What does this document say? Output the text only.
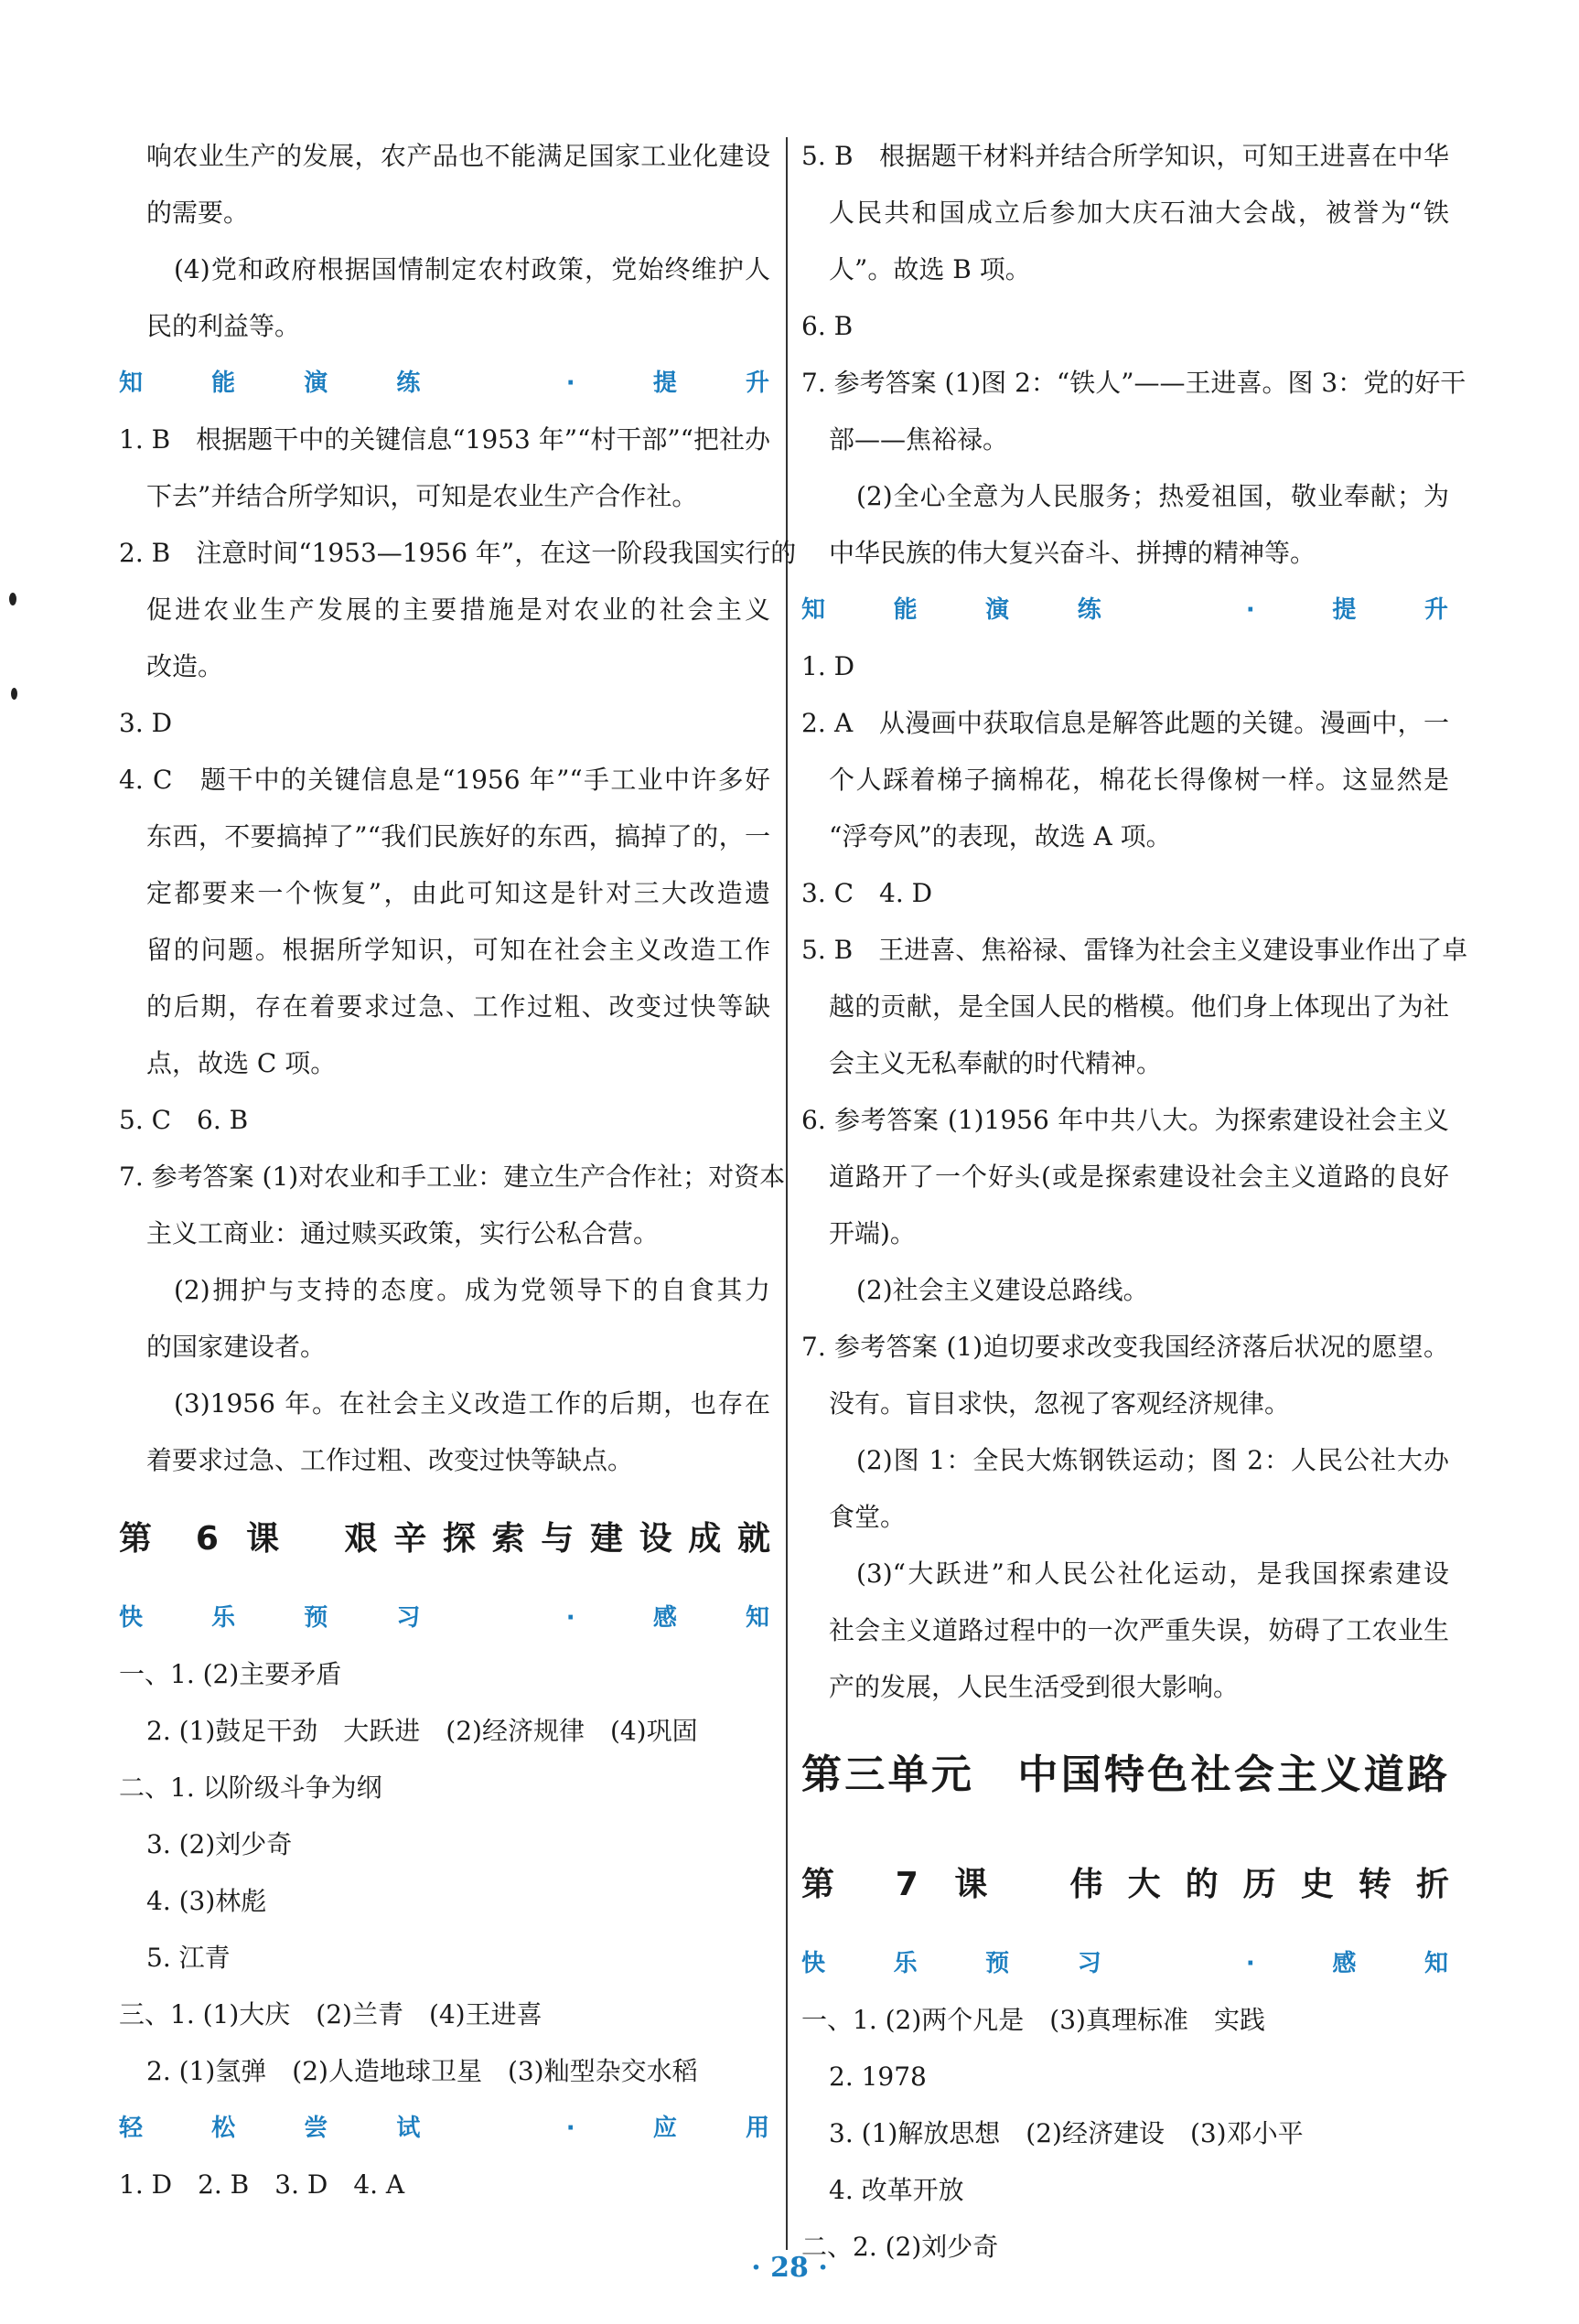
响农业生产的发展，农产品也不能满足国家工业化建设
的需要。
(4)党和政府根据国情制定农村政策，党始终维护人
民的利益等。
知能演练 · 提升
1. B　根据题干中的关键信息“1953 年”“村干部”“把社办
下去”并结合所学知识，可知是农业生产合作社。
2. B　注意时间“1953—1956 年”，在这一阶段我国实行的
促进农业生产发展的主要措施是对农业的社会主义
改造。
3. D
4. C　题干中的关键信息是“1956 年”“手工业中许多好
东西，不要搞掉了”“我们民族好的东西，搞掉了的，一
定都要来一个恢复”，由此可知这是针对三大改造遗
留的问题。根据所学知识，可知在社会主义改造工作
的后期，存在着要求过急、工作过粗、改变过快等缺
点，故选 C 项。
5. C　6. B
7. 参考答案 (1)对农业和手工业：建立生产合作社；对资本
主义工商业：通过赎买政策，实行公私合营。
(2)拥护与支持的态度。成为党领导下的自食其力
的国家建设者。
(3)1956 年。在社会主义改造工作的后期，也存在
着要求过急、工作过粗、改变过快等缺点。
第 6 课　艰辛探索与建设成就
快乐预习 · 感知
一、1. (2)主要矛盾
2. (1)鼓足干劲　大跃进　(2)经济规律　(4)巩固
二、1. 以阶级斗争为纲
3. (2)刘少奇
4. (3)林彪
5. 江青
三、1. (1)大庆　(2)兰青　(4)王进喜
2. (1)氢弹　(2)人造地球卫星　(3)籼型杂交水稻
轻松尝试 · 应用
1. D　2. B　3. D　4. A
5. B　根据题干材料并结合所学知识，可知王进喜在中华
人民共和国成立后参加大庆石油大会战，被誉为“铁
人”。故选 B 项。
6. B
7. 参考答案 (1)图 2：“铁人”——王进喜。图 3：党的好干
部——焦裕禄。
(2)全心全意为人民服务；热爱祖国，敬业奉献；为
中华民族的伟大复兴奋斗、拼搏的精神等。
知能演练 · 提升
1. D
2. A　从漫画中获取信息是解答此题的关键。漫画中，一
个人踩着梯子摘棉花，棉花长得像树一样。这显然是
“浮夸风”的表现，故选 A 项。
3. C　4. D
5. B　王进喜、焦裕禄、雷锋为社会主义建设事业作出了卓
越的贡献，是全国人民的楷模。他们身上体现出了为社
会主义无私奉献的时代精神。
6. 参考答案 (1)1956 年中共八大。为探索建设社会主义
道路开了一个好头(或是探索建设社会主义道路的良好
开端)。
(2)社会主义建设总路线。
7. 参考答案 (1)迫切要求改变我国经济落后状况的愿望。
没有。盲目求快，忽视了客观经济规律。
(2)图 1：全民大炼钢铁运动；图 2：人民公社大办
食堂。
(3)“大跃进”和人民公社化运动，是我国探索建设
社会主义道路过程中的一次严重失误，妨碍了工农业生
产的发展，人民生活受到很大影响。
第三单元　中国特色社会主义道路
第 7 课　伟大的历史转折
快乐预习 · 感知
一、1. (2)两个凡是　(3)真理标准　实践
2. 1978
3. (1)解放思想　(2)经济建设　(3)邓小平
4. 改革开放
二、2. (2)刘少奇
· 28 ·
